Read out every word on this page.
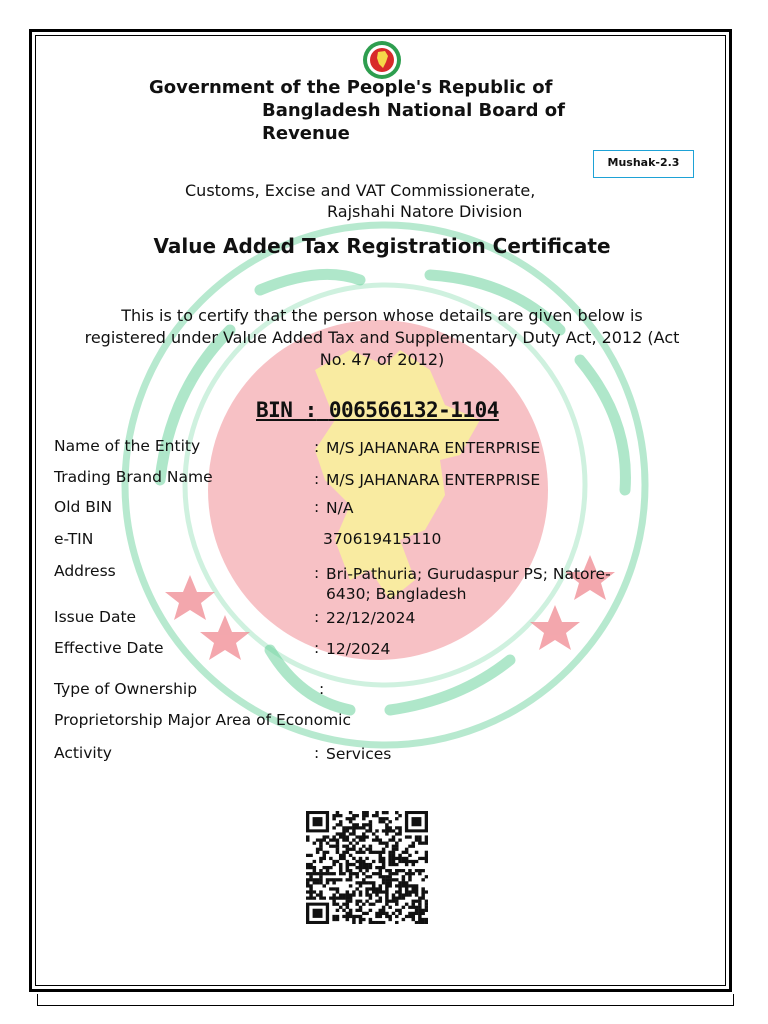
Government of the People's Republic of
Bangladesh National Board of
Revenue
Mushak-2.3
Customs, Excise and VAT Commissionerate,
Rajshahi Natore Division
Value Added Tax Registration Certificate
This is to certify that the person whose details are given below is registered under Value Added Tax and Supplementary Duty Act, 2012 (Act No. 47 of 2012)
BIN : 006566132-1104
Name of the Entity	: M/S JAHANARA ENTERPRISE
Trading Brand Name	: M/S JAHANARA ENTERPRISE
Old BIN	: N/A
e-TIN	370619415110
Address	: Bri-Pathuria; Gurudaspur PS; Natore-6430; Bangladesh
Issue Date	: 22/12/2024
Effective Date	: 12/2024
Type of Ownership	:
Proprietorship Major Area of Economic
Activity	: Services
